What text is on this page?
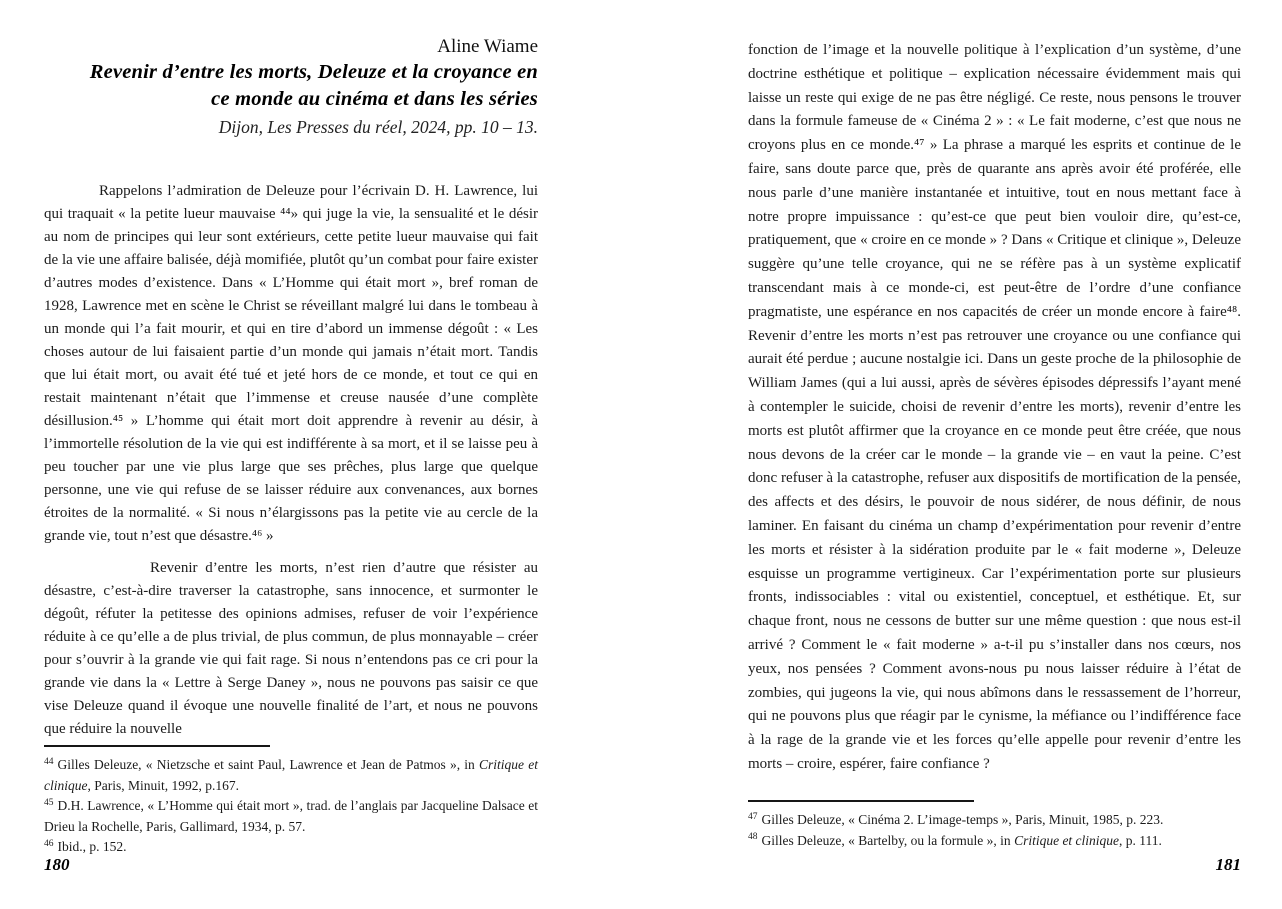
Aline Wiame
Revenir d’entre les morts, Deleuze et la croyance en
ce monde au cinéma et dans les séries
Dijon, Les Presses du réel, 2024, pp. 10 – 13.
Rappelons l’admiration de Deleuze pour l’écrivain D. H. Lawrence, lui qui traquait « la petite lueur mauvaise ⁴⁴» qui juge la vie, la sensualité et le désir au nom de principes qui leur sont extérieurs, cette petite lueur mauvaise qui fait de la vie une affaire balisée, déjà momifiée, plutôt qu’un combat pour faire exister d’autres modes d’existence. Dans « L’Homme qui était mort », bref roman de 1928, Lawrence met en scène le Christ se réveillant malgré lui dans le tombeau à un monde qui l’a fait mourir, et qui en tire d’abord un immense dégoût : « Les choses autour de lui faisaient partie d’un monde qui jamais n’était mort. Tandis que lui était mort, ou avait été tué et jeté hors de ce monde, et tout ce qui en restait maintenant n’était que l’immense et creuse nausée d’une complète désillusion.⁴⁵ » L’homme qui était mort doit apprendre à revenir au désir, à l’immortelle résolution de la vie qui est indifférente à sa mort, et il se laisse peu à peu toucher par une vie plus large que ses prêches, plus large que quelque personne, une vie qui refuse de se laisser réduire aux convenances, aux bornes étroites de la normalité. « Si nous n’élargissons pas la petite vie au cercle de la grande vie, tout n’est que désastre.⁴⁶ »
Revenir d’entre les morts, n’est rien d’autre que résister au désastre, c’est-à-dire traverser la catastrophe, sans innocence, et surmonter le dégoût, réfuter la petitesse des opinions admises, refuser de voir l’expérience réduite à ce qu’elle a de plus trivial, de plus commun, de plus monnayable – créer pour s’ouvrir à la grande vie qui fait rage. Si nous n’entendons pas ce cri pour la grande vie dans la « Lettre à Serge Daney », nous ne pouvons pas saisir ce que vise Deleuze quand il évoque une nouvelle finalité de l’art, et nous ne pouvons que réduire la nouvelle
$^{44}$ Gilles Deleuze, « Nietzsche et saint Paul, Lawrence et Jean de Patmos », in Critique et clinique, Paris, Minuit, 1992, p.167.
$^{45}$ D.H. Lawrence, « L’Homme qui était mort », trad. de l’anglais par Jacqueline Dalsace et Drieu la Rochelle, Paris, Gallimard, 1934, p. 57.
$^{46}$ Ibid., p. 152.
180
fonction de l’image et la nouvelle politique à l’explication d’un système, d’une doctrine esthétique et politique – explication nécessaire évidemment mais qui laisse un reste qui exige de ne pas être négligé. Ce reste, nous pensons le trouver dans la formule fameuse de « Cinéma 2 » : « Le fait moderne, c’est que nous ne croyons plus en ce monde.⁴⁷ » La phrase a marqué les esprits et continue de le faire, sans doute parce que, près de quarante ans après avoir été proférée, elle nous parle d’une manière instantanée et intuitive, tout en nous mettant face à notre propre impuissance : qu’est-ce que peut bien vouloir dire, qu’est-ce, pratiquement, que « croire en ce monde » ? Dans « Critique et clinique », Deleuze suggère qu’une telle croyance, qui ne se réfère pas à un système explicatif transcendant mais à ce monde-ci, est peut-être de l’ordre d’une confiance pragmatiste, une espérance en nos capacités de créer un monde encore à faire⁴⁸. Revenir d’entre les morts n’est pas retrouver une croyance ou une confiance qui aurait été perdue ; aucune nostalgie ici. Dans un geste proche de la philosophie de William James (qui a lui aussi, après de sévères épisodes dépressifs l’ayant mené à contempler le suicide, choisi de revenir d’entre les morts), revenir d’entre les morts est plutôt affirmer que la croyance en ce monde peut être créée, que nous nous devons de la créer car le monde – la grande vie – en vaut la peine. C’est donc refuser à la catastrophe, refuser aux dispositifs de mortification de la pensée, des affects et des désirs, le pouvoir de nous sidérer, de nous définir, de nous laminer. En faisant du cinéma un champ d’expérimentation pour revenir d’entre les morts et résister à la sidération produite par le « fait moderne », Deleuze esquisse un programme vertigineux. Car l’expérimentation porte sur plusieurs fronts, indissociables : vital ou existentiel, conceptuel, et esthétique. Et, sur chaque front, nous ne cessons de butter sur une même question : que nous est-il arrivé ? Comment le « fait moderne » a-t-il pu s’installer dans nos cœurs, nos yeux, nos pensées ? Comment avons-nous pu nous laisser réduire à l’état de zombies, qui jugeons la vie, qui nous abîmons dans le ressassement de l’horreur, qui ne pouvons plus que réagir par le cynisme, la méfiance ou l’indifférence face à la rage de la grande vie et les forces qu’elle appelle pour revenir d’entre les morts – croire, espérer, faire confiance ?
$^{47}$ Gilles Deleuze, « Cinéma 2. L’image-temps », Paris, Minuit, 1985, p. 223.
$^{48}$ Gilles Deleuze, « Bartelby, ou la formule », in Critique et clinique, p. 111.
181
